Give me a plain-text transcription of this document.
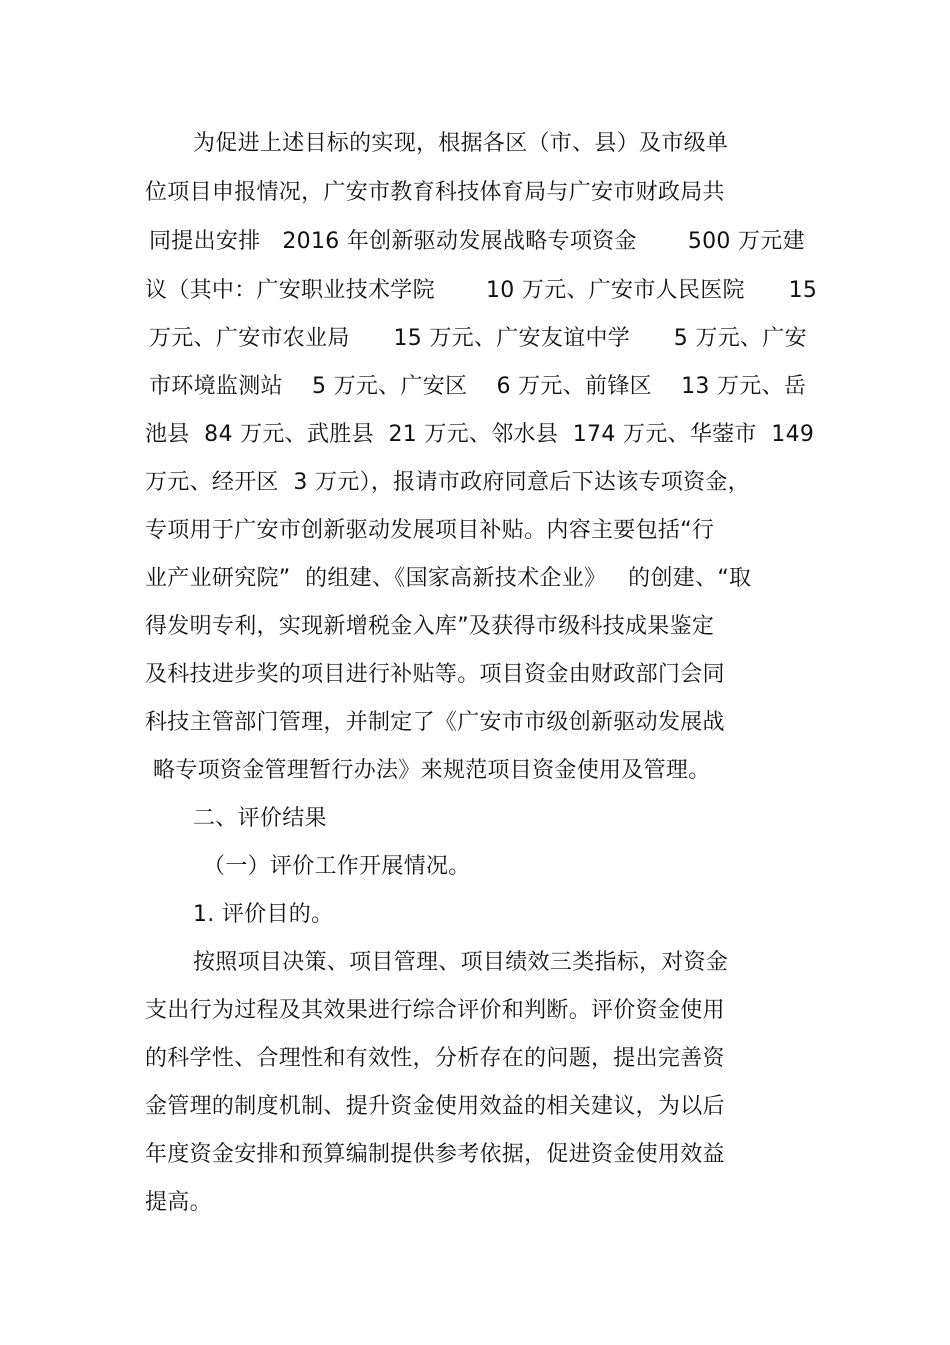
为促进上述目标的实现，根据各区（市、县）及市级单
位项目申报情况，广安市教育科技体育局与广安市财政局共
同提出安排   2016 年创新驱动发展战略专项资金       500 万元建
议（其中：广安职业技术学院       10 万元、广安市人民医院      15
万元、广安市农业局      15 万元、广安友谊中学      5 万元、广安
市环境监测站    5 万元、广安区    6 万元、前锋区    13 万元、岳
池县  84 万元、武胜县  21 万元、邻水县  174 万元、华蓥市  149
万元、经开区  3 万元），报请市政府同意后下达该专项资金，
专项用于广安市创新驱动发展项目补贴。内容主要包括“行
业产业研究院”  的组建、《国家高新技术企业》   的创建、“取
得发明专利，实现新增税金入库”及获得市级科技成果鉴定
及科技进步奖的项目进行补贴等。项目资金由财政部门会同
科技主管部门管理，并制定了《广安市市级创新驱动发展战
略专项资金管理暂行办法》来规范项目资金使用及管理。
二、评价结果
（一）评价工作开展情况。
1. 评价目的。
按照项目决策、项目管理、项目绩效三类指标，对资金
支出行为过程及其效果进行综合评价和判断。评价资金使用
的科学性、合理性和有效性，分析存在的问题，提出完善资
金管理的制度机制、提升资金使用效益的相关建议，为以后
年度资金安排和预算编制提供参考依据，促进资金使用效益
提高。
